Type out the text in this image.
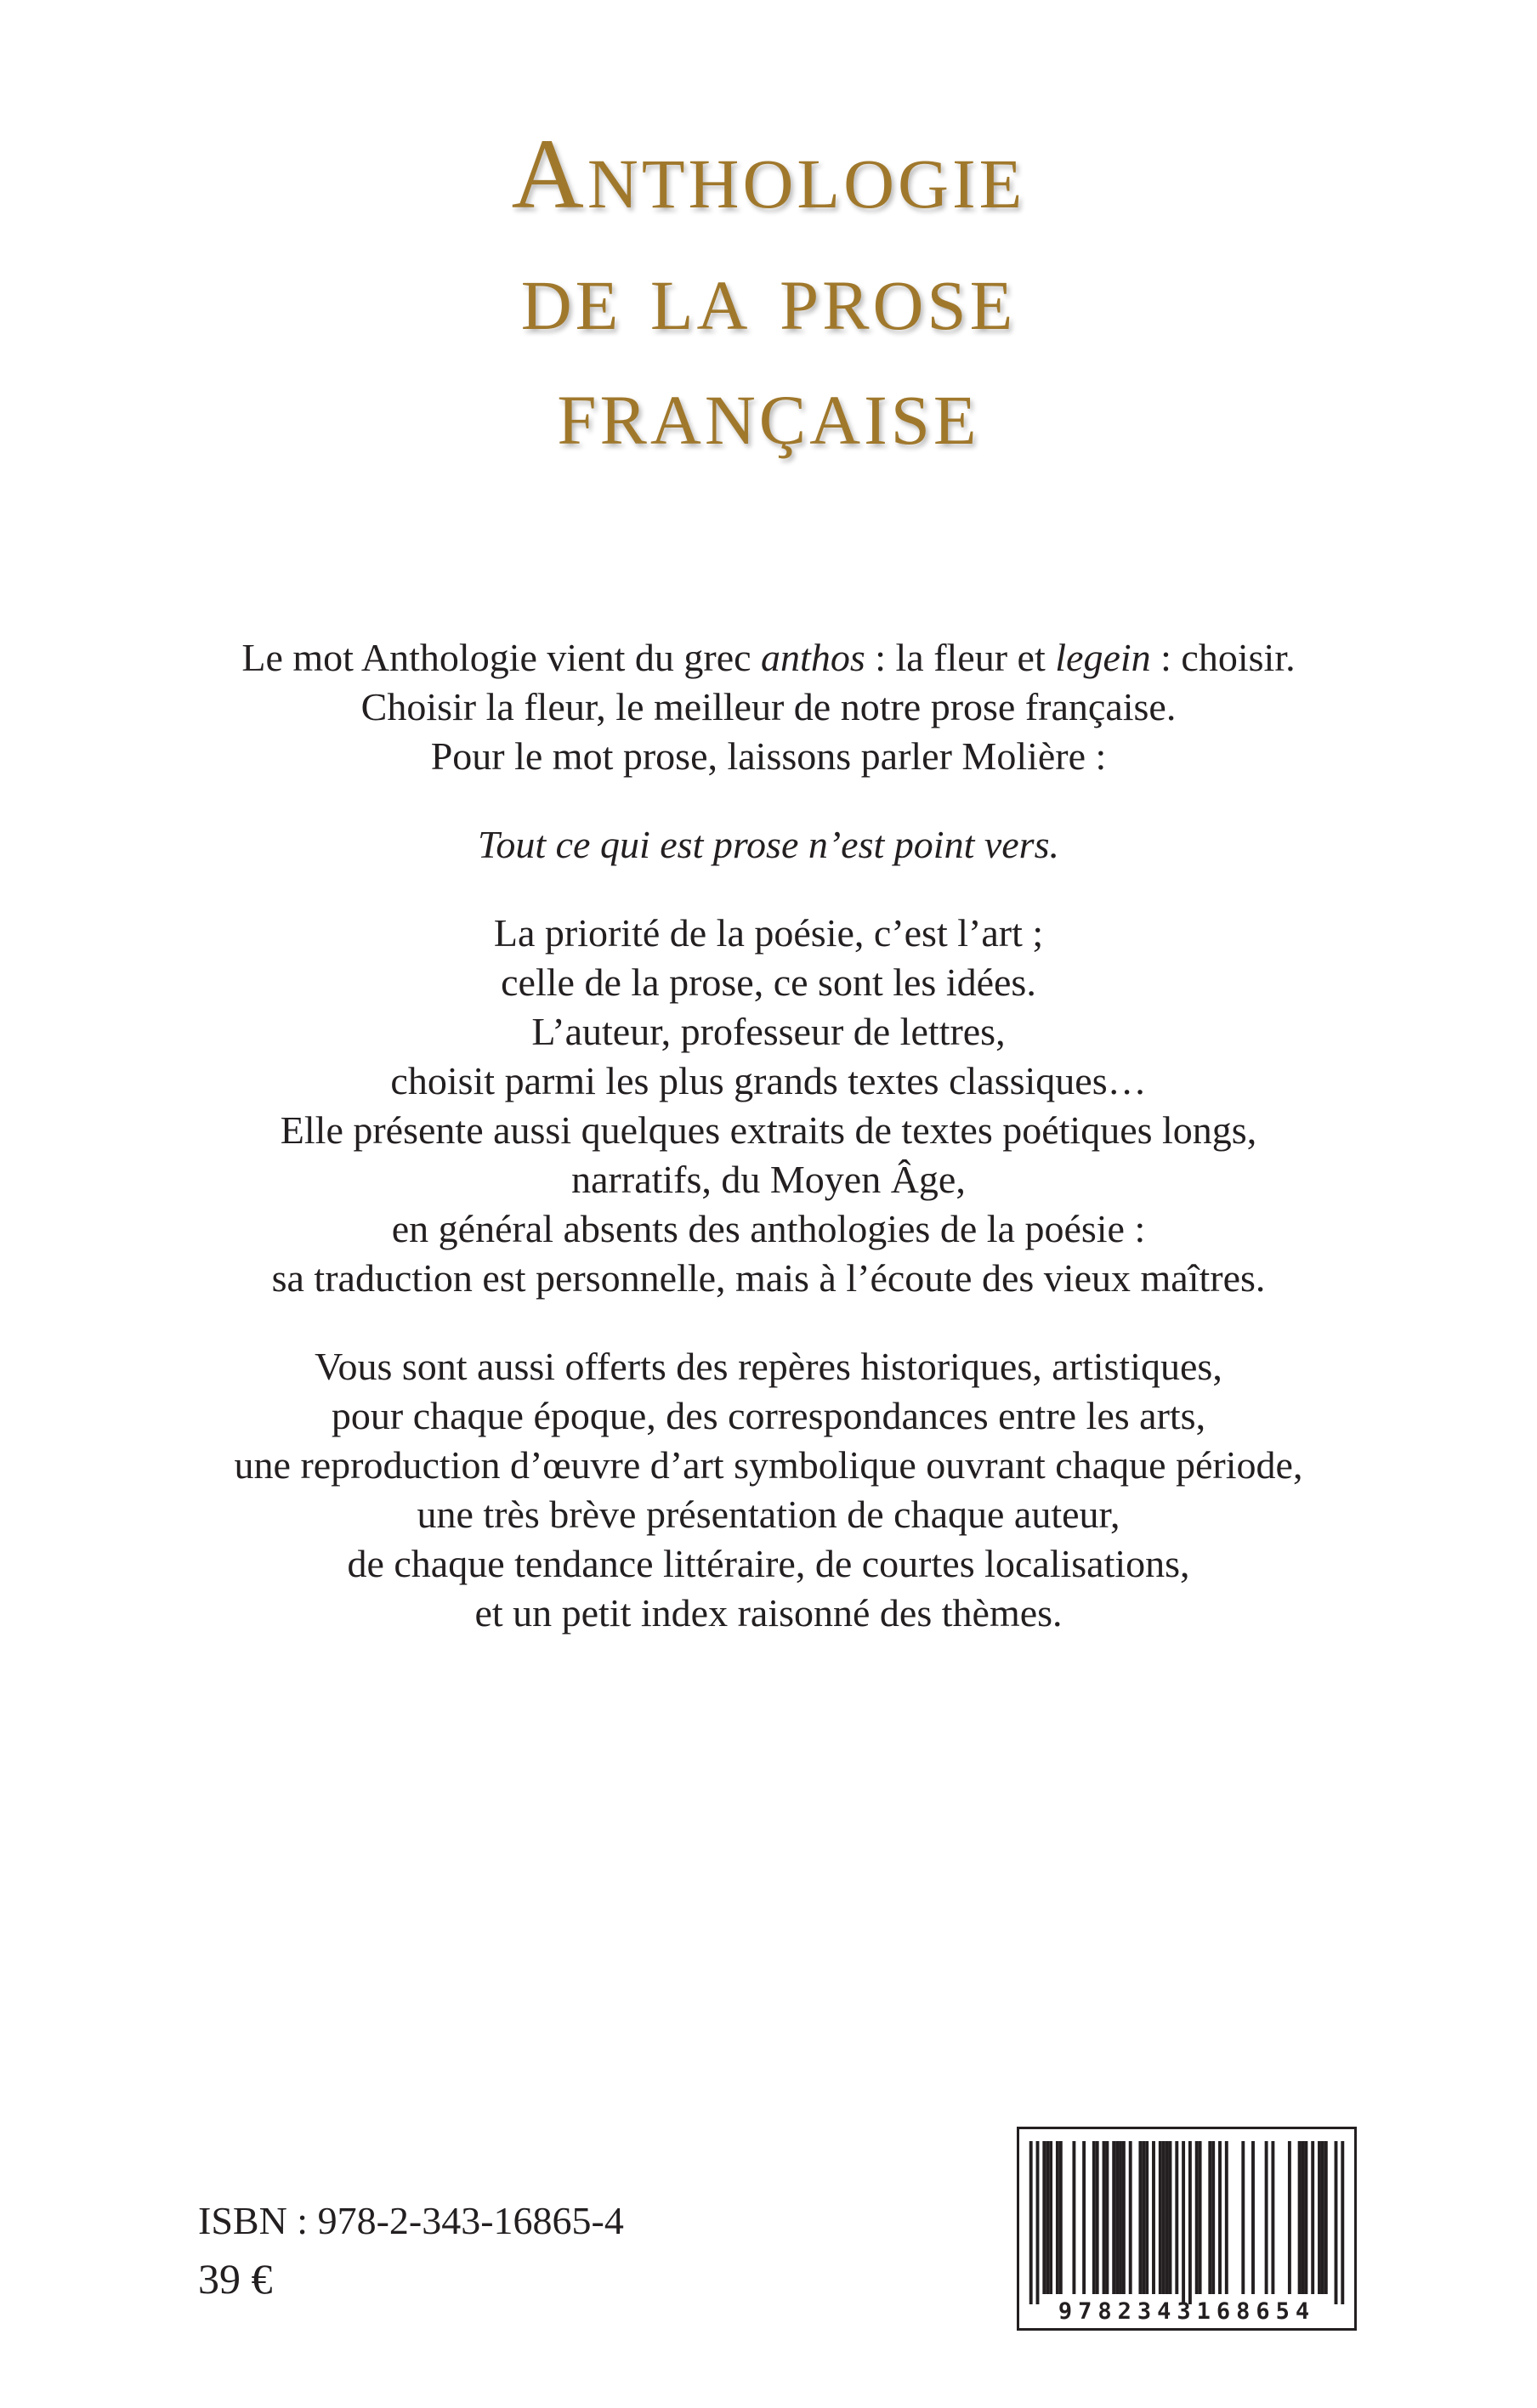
Anthologie
de la prose
française
Le mot Anthologie vient du grec anthos : la fleur et legein : choisir.
Choisir la fleur, le meilleur de notre prose française.
Pour le mot prose, laissons parler Molière :
Tout ce qui est prose n’est point vers.
La priorité de la poésie, c’est l’art ;
celle de la prose, ce sont les idées.
L’auteur, professeur de lettres,
choisit parmi les plus grands textes classiques…
Elle présente aussi quelques extraits de textes poétiques longs,
narratifs, du Moyen Âge,
en général absents des anthologies de la poésie :
sa traduction est personnelle, mais à l’écoute des vieux maîtres.
Vous sont aussi offerts des repères historiques, artistiques,
pour chaque époque, des correspondances entre les arts,
une reproduction d’œuvre d’art symbolique ouvrant chaque période,
une très brève présentation de chaque auteur,
de chaque tendance littéraire, de courtes localisations,
et un petit index raisonné des thèmes.
ISBN : 978-2-343-16865-4
39 €
9782343168654
